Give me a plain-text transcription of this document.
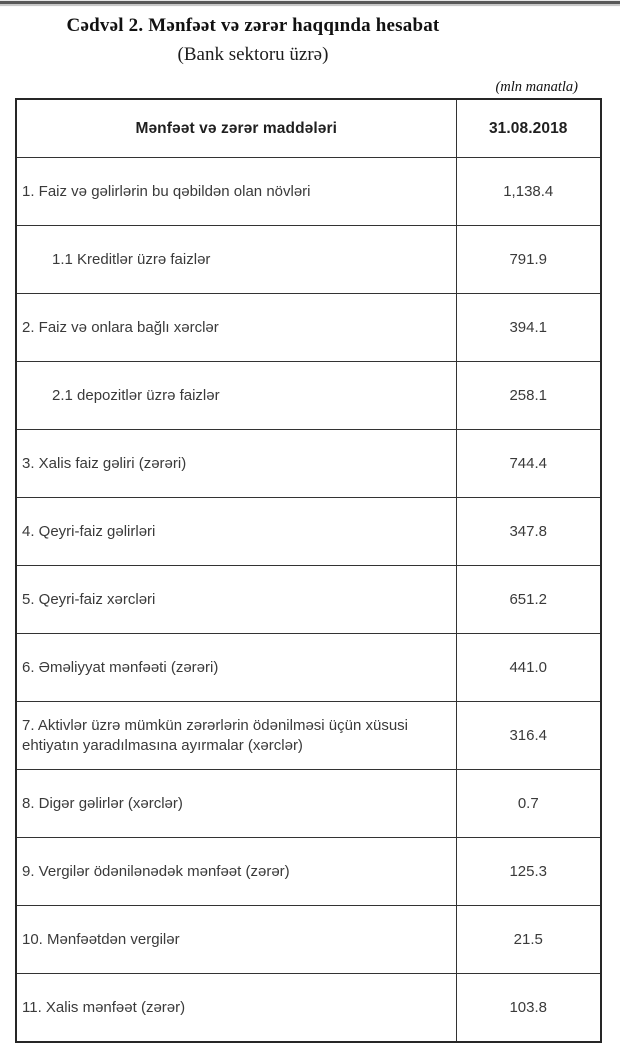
Cədvəl 2. Mənfəət və zərər haqqında hesabat
(Bank sektoru üzrə)
(mln manatla)
Mənfəət və zərər maddələri	31.08.2018
1. Faiz və gəlirlərin bu qəbildən olan növləri	1,138.4
1.1 Kreditlər üzrə faizlər	791.9
2. Faiz və onlara bağlı xərclər	394.1
2.1 depozitlər üzrə faizlər	258.1
3. Xalis faiz gəliri (zərəri)	744.4
4. Qeyri-faiz gəlirləri	347.8
5. Qeyri-faiz xərcləri	651.2
6. Əməliyyat mənfəəti (zərəri)	441.0
7. Aktivlər üzrə mümkün zərərlərin ödənilməsi üçün xüsusi ehtiyatın yaradılmasına ayırmalar (xərclər)	316.4
8. Digər gəlirlər (xərclər)	0.7
9. Vergilər ödənilənədək mənfəət (zərər)	125.3
10. Mənfəətdən vergilər	21.5
11. Xalis mənfəət (zərər)	103.8
